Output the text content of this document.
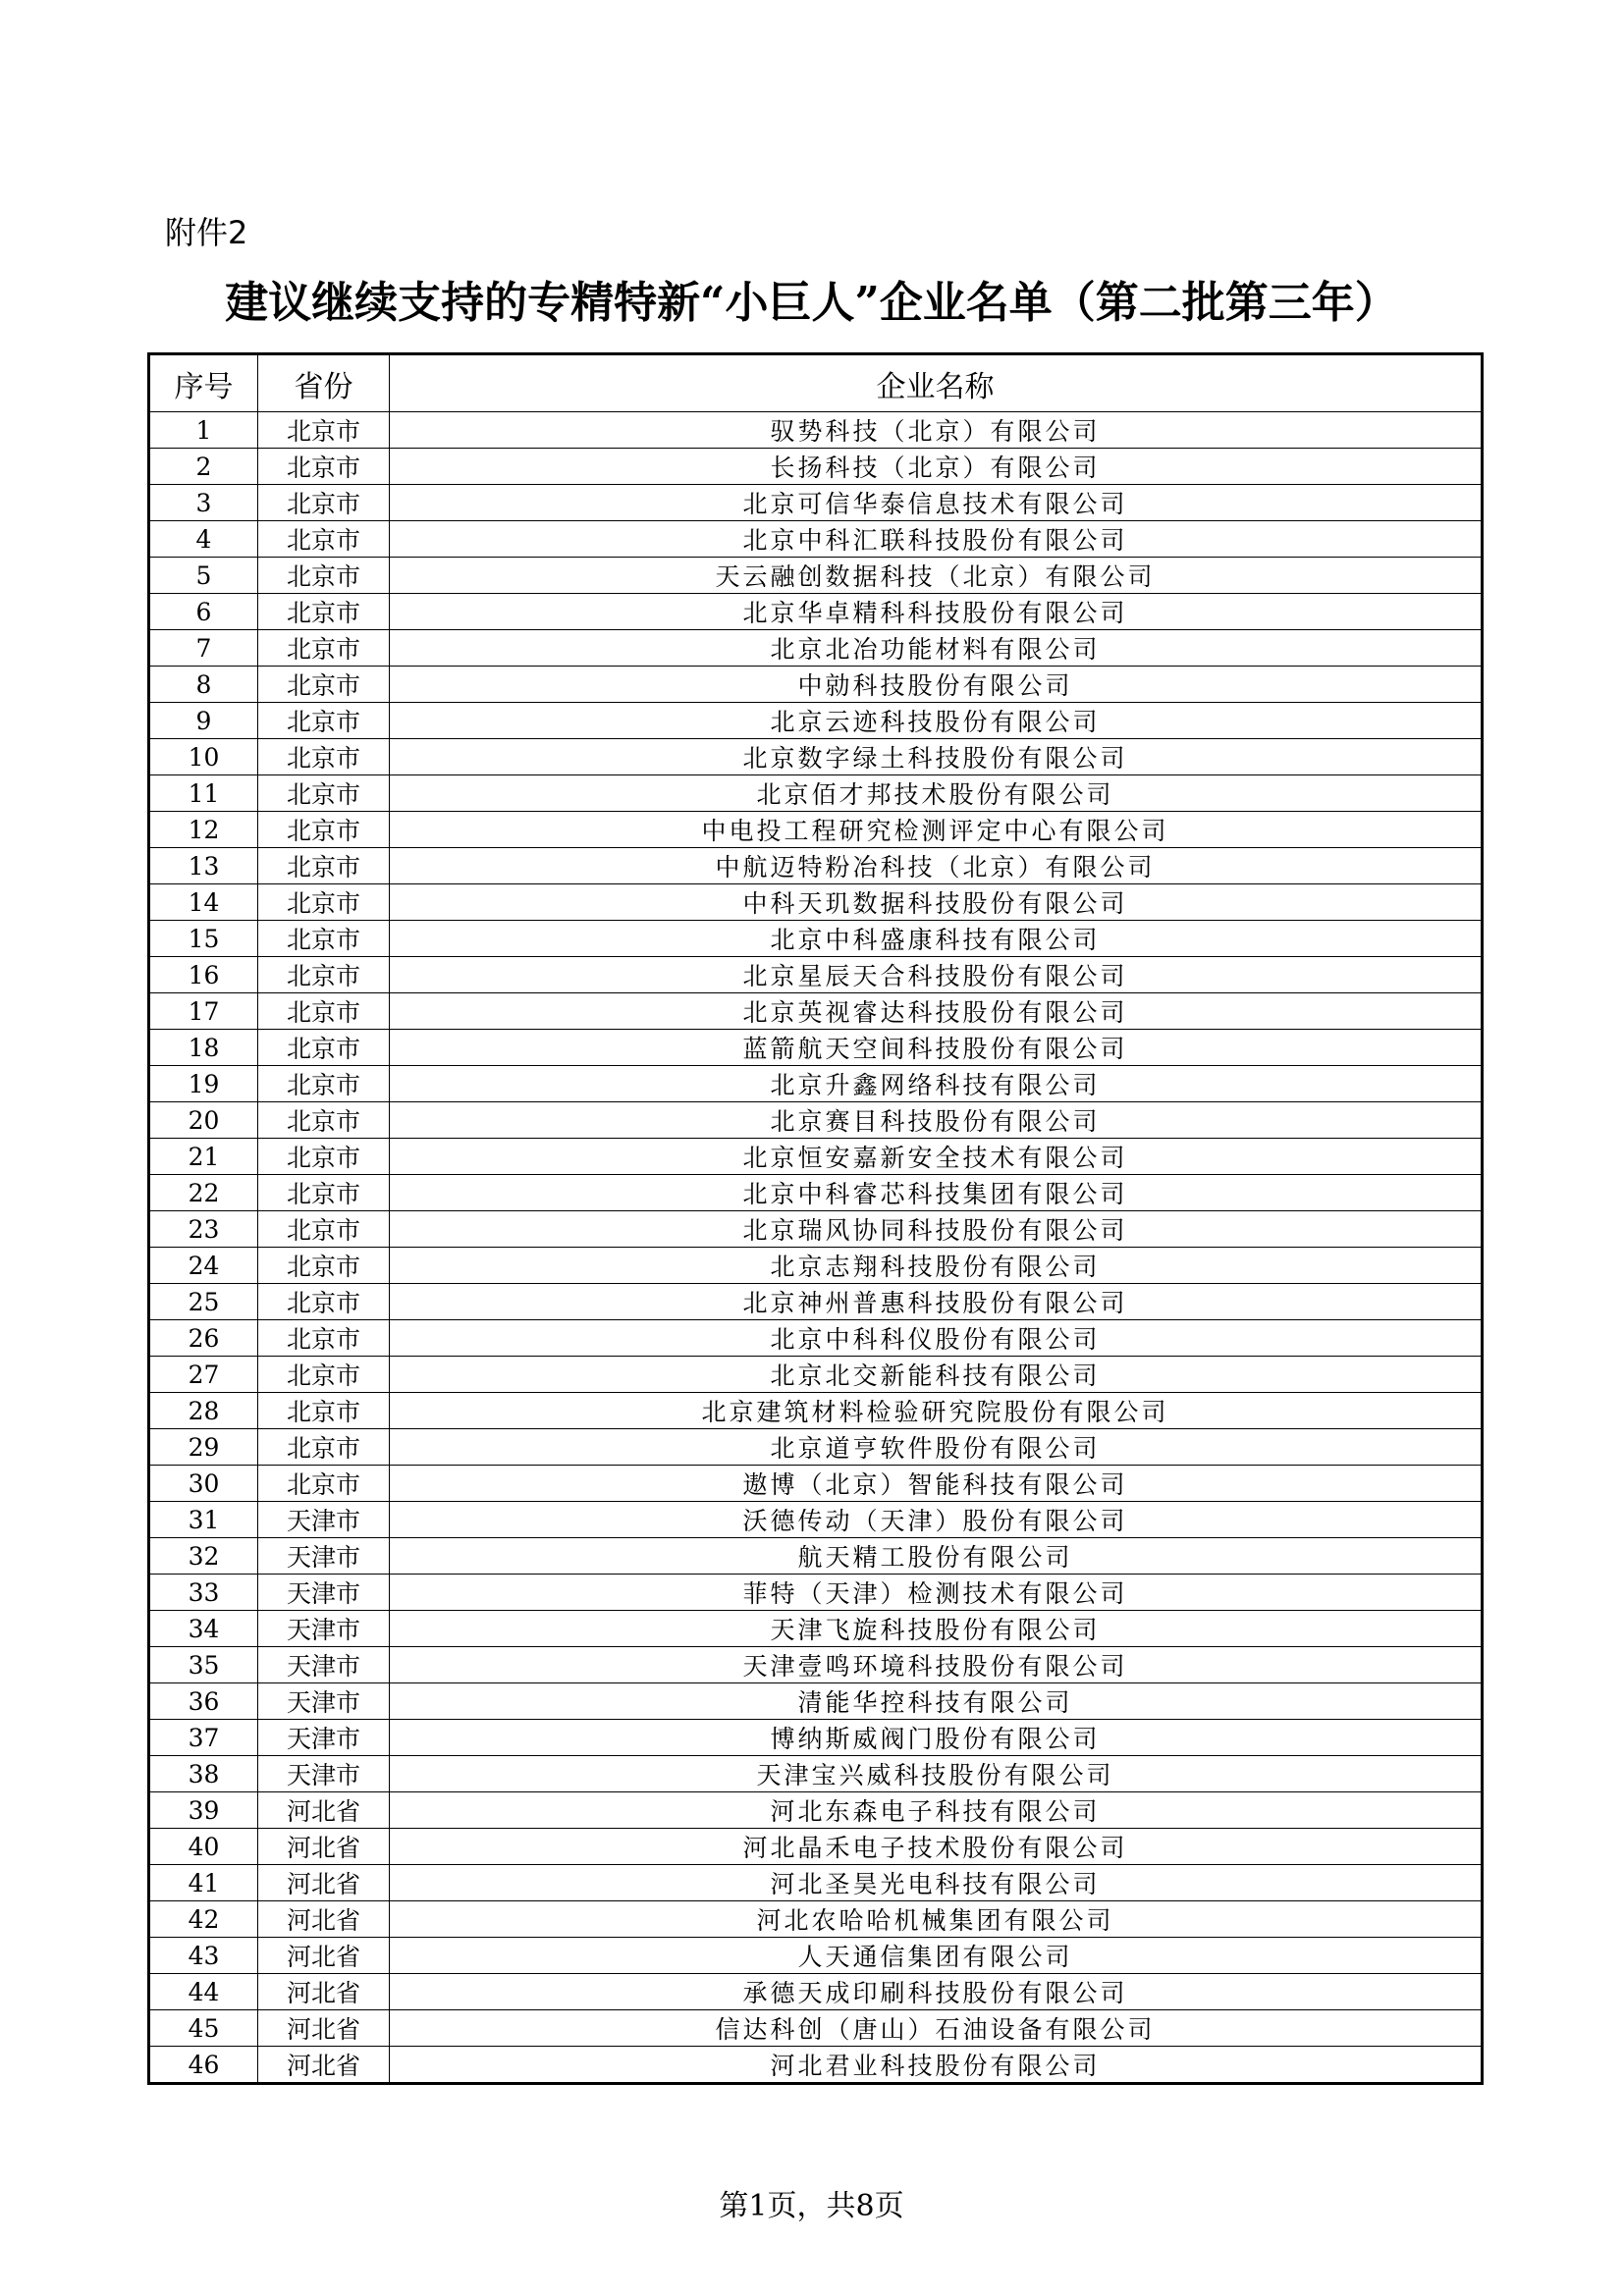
附件2
建议继续支持的专精特新“小巨人”企业名单（第二批第三年）
序号	省份	企业名称
1	北京市	驭势科技（北京）有限公司
2	北京市	长扬科技（北京）有限公司
3	北京市	北京可信华泰信息技术有限公司
4	北京市	北京中科汇联科技股份有限公司
5	北京市	天云融创数据科技（北京）有限公司
6	北京市	北京华卓精科科技股份有限公司
7	北京市	北京北冶功能材料有限公司
8	北京市	中勍科技股份有限公司
9	北京市	北京云迹科技股份有限公司
10	北京市	北京数字绿土科技股份有限公司
11	北京市	北京佰才邦技术股份有限公司
12	北京市	中电投工程研究检测评定中心有限公司
13	北京市	中航迈特粉冶科技（北京）有限公司
14	北京市	中科天玑数据科技股份有限公司
15	北京市	北京中科盛康科技有限公司
16	北京市	北京星辰天合科技股份有限公司
17	北京市	北京英视睿达科技股份有限公司
18	北京市	蓝箭航天空间科技股份有限公司
19	北京市	北京升鑫网络科技有限公司
20	北京市	北京赛目科技股份有限公司
21	北京市	北京恒安嘉新安全技术有限公司
22	北京市	北京中科睿芯科技集团有限公司
23	北京市	北京瑞风协同科技股份有限公司
24	北京市	北京志翔科技股份有限公司
25	北京市	北京神州普惠科技股份有限公司
26	北京市	北京中科科仪股份有限公司
27	北京市	北京北交新能科技有限公司
28	北京市	北京建筑材料检验研究院股份有限公司
29	北京市	北京道亨软件股份有限公司
30	北京市	遨博（北京）智能科技有限公司
31	天津市	沃德传动（天津）股份有限公司
32	天津市	航天精工股份有限公司
33	天津市	菲特（天津）检测技术有限公司
34	天津市	天津飞旋科技股份有限公司
35	天津市	天津壹鸣环境科技股份有限公司
36	天津市	清能华控科技有限公司
37	天津市	博纳斯威阀门股份有限公司
38	天津市	天津宝兴威科技股份有限公司
39	河北省	河北东森电子科技有限公司
40	河北省	河北晶禾电子技术股份有限公司
41	河北省	河北圣昊光电科技有限公司
42	河北省	河北农哈哈机械集团有限公司
43	河北省	人天通信集团有限公司
44	河北省	承德天成印刷科技股份有限公司
45	河北省	信达科创（唐山）石油设备有限公司
46	河北省	河北君业科技股份有限公司
第1页，共8页
